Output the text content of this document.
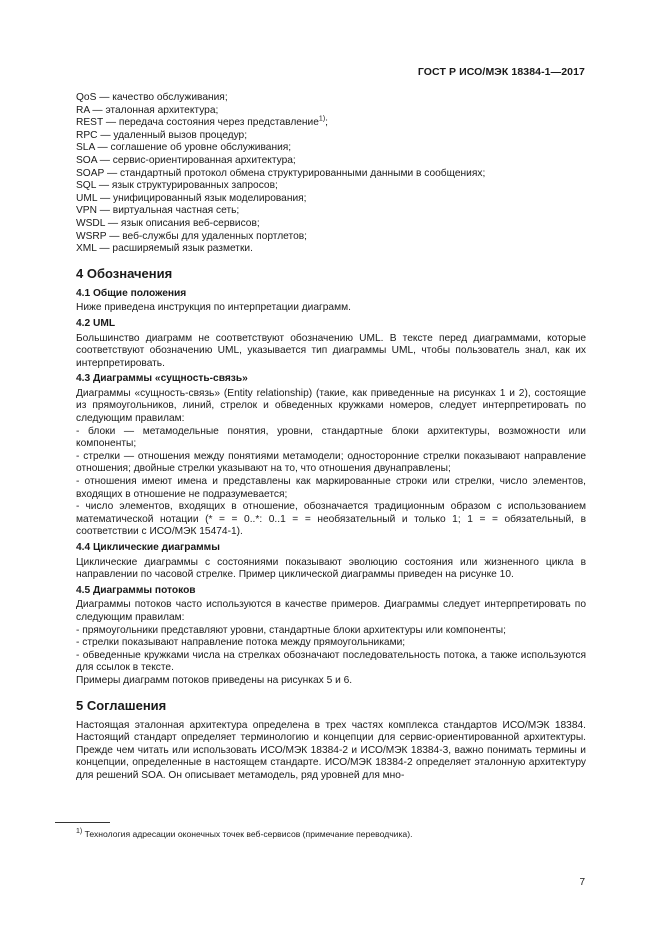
ГОСТ Р ИСО/МЭК 18384-1—2017

QoS — качество обслуживания;

RA — эталонная архитектура;

REST — передача состояния через представление$^{1)}$;

RPC — удаленный вызов процедур;

SLA — соглашение об уровне обслуживания;

SOA — сервис-ориентированная архитектура;

SOAP — стандартный протокол обмена структурированными данными в сообщениях;

SQL — язык структурированных запросов;

UML — унифицированный язык моделирования;

VPN — виртуальная частная сеть;

WSDL — язык описания веб-сервисов;

WSRP — веб-службы для удаленных портлетов;

XML — расширяемый язык разметки.

4 Обозначения
4.1 Общие положения

Ниже приведена инструкция по интерпретации диаграмм.

4.2 UML

Большинство диаграмм не соответствуют обозначению UML. В тексте перед диаграммами, которые соответствуют обозначению UML, указывается тип диаграммы UML, чтобы пользователь знал, как их интерпретировать.

4.3 Диаграммы «сущность-связь»

Диаграммы «сущность-связь» (Entity relationship) (такие, как приведенные на рисунках 1 и 2), состоящие из прямоугольников, линий, стрелок и обведенных кружками номеров, следует интерпретировать по следующим правилам:

- блоки — метамодельные понятия, уровни, стандартные блоки архитектуры, возможности или компоненты;

- стрелки — отношения между понятиями метамодели; односторонние стрелки показывают направление отношения; двойные стрелки указывают на то, что отношения двунаправлены;

- отношения имеют имена и представлены как маркированные строки или стрелки, число элементов, входящих в отношение не подразумевается;

- число элементов, входящих в отношение, обозначается традиционным образом с использованием математической нотации (* = = 0..*: 0..1 = = необязательный и только 1; 1 = = обязательный, в соответствии с ИСО/МЭК 15474-1).

4.4 Циклические диаграммы

Циклические диаграммы с состояниями показывают эволюцию состояния или жизненного цикла в направлении по часовой стрелке. Пример циклической диаграммы приведен на рисунке 10.

4.5 Диаграммы потоков

Диаграммы потоков часто используются в качестве примеров. Диаграммы следует интерпретировать по следующим правилам:

- прямоугольники представляют уровни, стандартные блоки архитектуры или компоненты;

- стрелки показывают направление потока между прямоугольниками;

- обведенные кружками числа на стрелках обозначают последовательность потока, а также используются для ссылок в тексте.

Примеры диаграмм потоков приведены на рисунках 5 и 6.

5 Соглашения

Настоящая эталонная архитектура определена в трех частях комплекса стандартов ИСО/МЭК 18384. Настоящий стандарт определяет терминологию и концепции для сервис-ориентированной архитектуры. Прежде чем читать или использовать ИСО/МЭК 18384-2 и ИСО/МЭК 18384-3, важно понимать термины и концепции, определенные в настоящем стандарте. ИСО/МЭК 18384-2 определяет эталонную архитектуру для решений SOA. Он описывает метамодель, ряд уровней для мно-

$^{1)}$ Технология адресации оконечных точек веб-сервисов (примечание переводчика).
7
